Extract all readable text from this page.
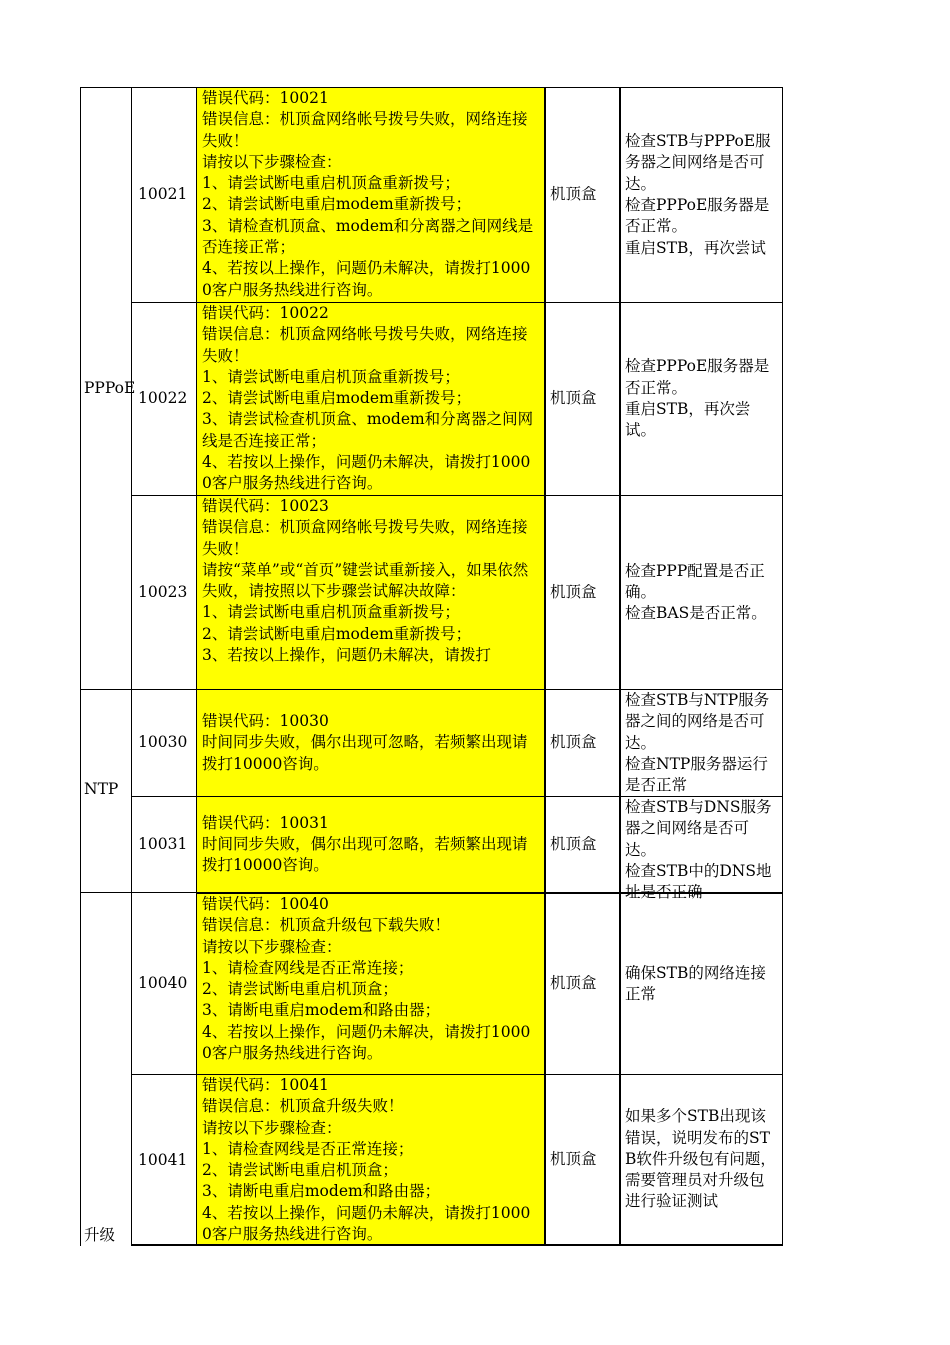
PPPoE
NTP
升级
10021
错误代码：10021
错误信息：机顶盒网络帐号拨号失败，网络连接失败！
请按以下步骤检查：
1、请尝试断电重启机顶盒重新拨号；
2、请尝试断电重启modem重新拨号；
3、请检查机顶盒、modem和分离器之间网线是否连接正常；
4、若按以上操作，问题仍未解决，请拨打10000客户服务热线进行咨询。
机顶盒
检查STB与PPPoE服务器之间网络是否可达。
检查PPPoE服务器是否正常。
重启STB，再次尝试
10022
错误代码：10022
错误信息：机顶盒网络帐号拨号失败，网络连接失败！
1、请尝试断电重启机顶盒重新拨号；
2、请尝试断电重启modem重新拨号；
3、请尝试检查机顶盒、modem和分离器之间网线是否连接正常；
4、若按以上操作，问题仍未解决，请拨打10000客户服务热线进行咨询。
机顶盒
检查PPPoE服务器是否正常。
重启STB，再次尝试。
10023
错误代码：10023
错误信息：机顶盒网络帐号拨号失败，网络连接失败！
请按“菜单”或“首页”键尝试重新接入，如果依然失败，请按照以下步骤尝试解决故障：
1、请尝试断电重启机顶盒重新拨号；
2、请尝试断电重启modem重新拨号；
3、若按以上操作，问题仍未解决，请拨打
机顶盒
检查PPP配置是否正确。
检查BAS是否正常。
10030
错误代码：10030
时间同步失败，偶尔出现可忽略，若频繁出现请拨打10000咨询。
机顶盒
检查STB与NTP服务器之间的网络是否可达。
检查NTP服务器运行是否正常
10031
错误代码：10031
时间同步失败，偶尔出现可忽略，若频繁出现请拨打10000咨询。
机顶盒
检查STB与DNS服务器之间网络是否可达。
检查STB中的DNS地址是否正确
10040
错误代码：10040
错误信息：机顶盒升级包下载失败！
请按以下步骤检查：
1、请检查网线是否正常连接；
2、请尝试断电重启机顶盒；
3、请断电重启modem和路由器；
4、若按以上操作，问题仍未解决，请拨打10000客户服务热线进行咨询。
机顶盒
确保STB的网络连接正常
10041
错误代码：10041
错误信息：机顶盒升级失败！
请按以下步骤检查：
1、请检查网线是否正常连接；
2、请尝试断电重启机顶盒；
3、请断电重启modem和路由器；
4、若按以上操作，问题仍未解决，请拨打10000客户服务热线进行咨询。
机顶盒
如果多个STB出现该错误，说明发布的STB软件升级包有问题，
需要管理员对升级包进行验证测试
